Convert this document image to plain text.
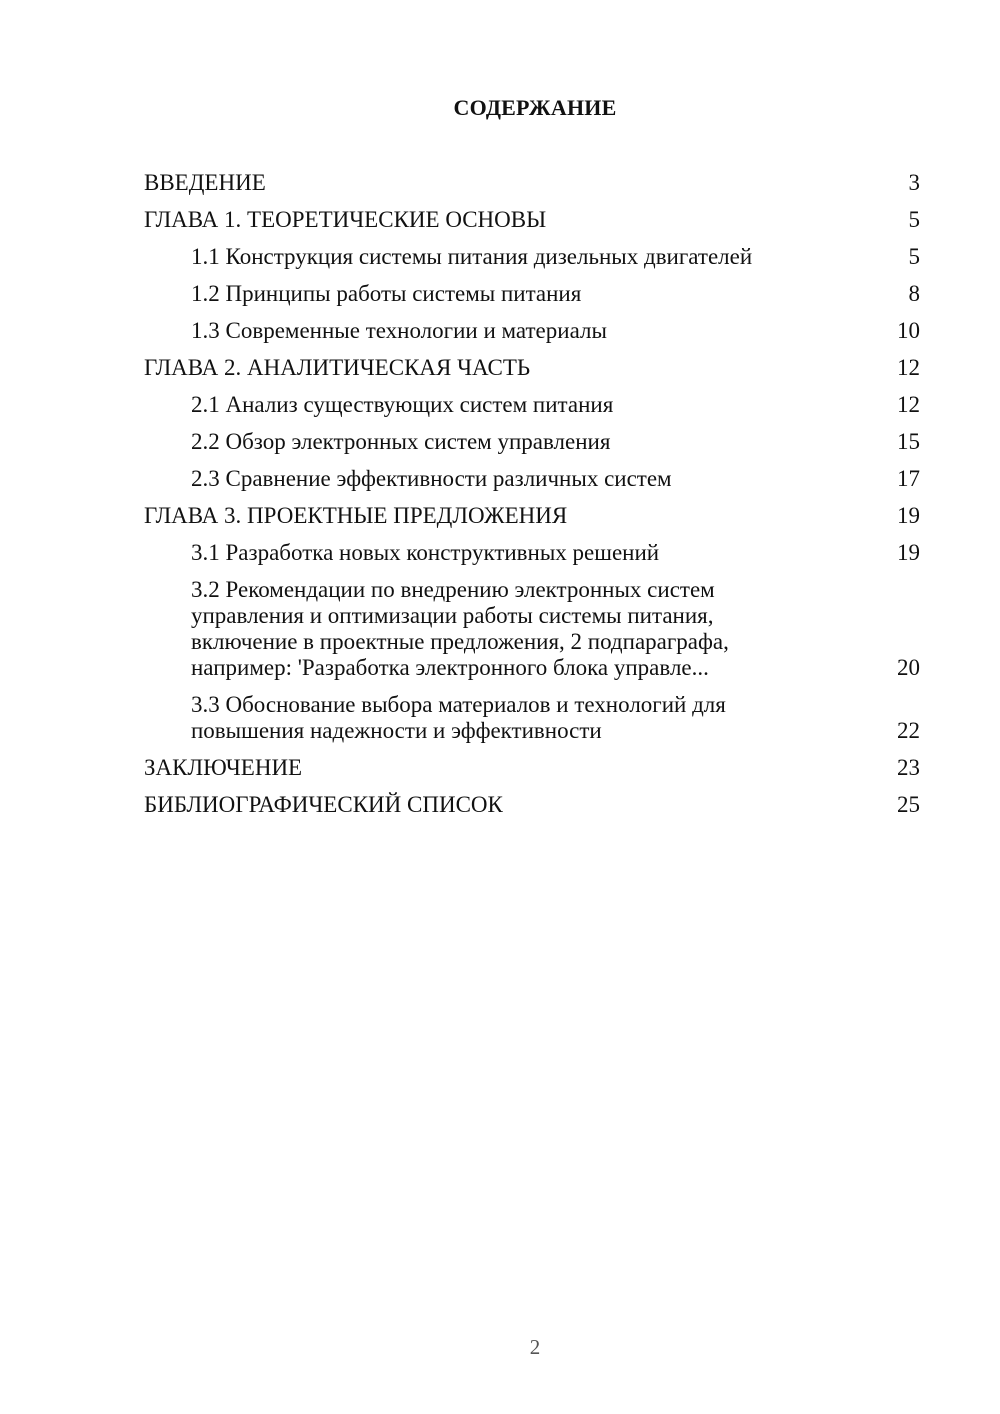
СОДЕРЖАНИЕ
ВВЕДЕНИЕ	3
ГЛАВА 1. ТЕОРЕТИЧЕСКИЕ ОСНОВЫ	5
1.1 Конструкция системы питания дизельных двигателей	5
1.2 Принципы работы системы питания	8
1.3 Современные технологии и материалы	10
ГЛАВА 2. АНАЛИТИЧЕСКАЯ ЧАСТЬ	12
2.1 Анализ существующих систем питания	12
2.2 Обзор электронных систем управления	15
2.3 Сравнение эффективности различных систем	17
ГЛАВА 3. ПРОЕКТНЫЕ ПРЕДЛОЖЕНИЯ	19
3.1 Разработка новых конструктивных решений	19
3.2 Рекомендации по внедрению электронных систем управления и оптимизации работы системы питания, включение в проектные предложения, 2 подпараграфа, например: 'Разработка электронного блока управле...	20
3.3 Обоснование выбора материалов и технологий для повышения надежности и эффективности	22
ЗАКЛЮЧЕНИЕ	23
БИБЛИОГРАФИЧЕСКИЙ СПИСОК	25
2
